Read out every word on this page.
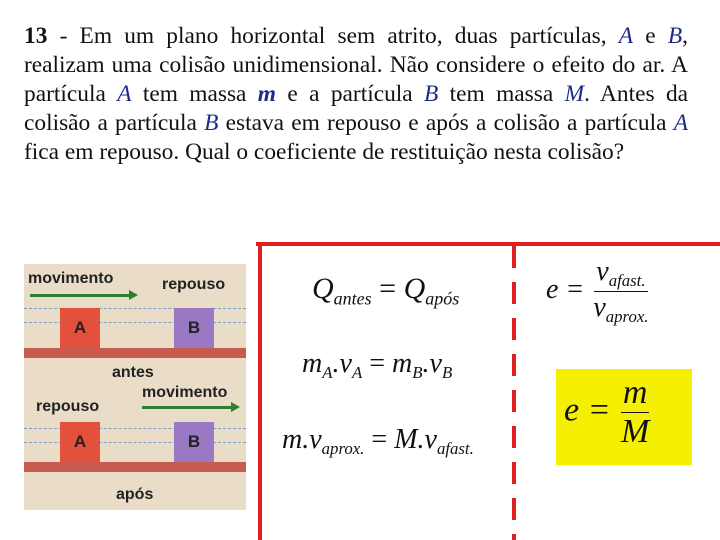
13 - Em um plano horizontal sem atrito, duas partículas, A e B, realizam uma colisão unidimensional. Não considere o efeito do ar. A partícula A tem massa m e a partícula B tem massa M. Antes da colisão a partícula B estava em repouso e após a colisão a partícula A fica em repouso. Qual o coeficiente de restituição nesta colisão?
movimento	repouso
A	B
antes
repouso
movimento
A	B
após
$Q_{antes} = Q_{após}$
$m_A.v_A = m_B.v_B$
$m.v_{aprox.} = M.v_{afast.}$
$e = \frac{v_{afast.}}{v_{aprox.}}$
$e = \frac{m}{M}$
